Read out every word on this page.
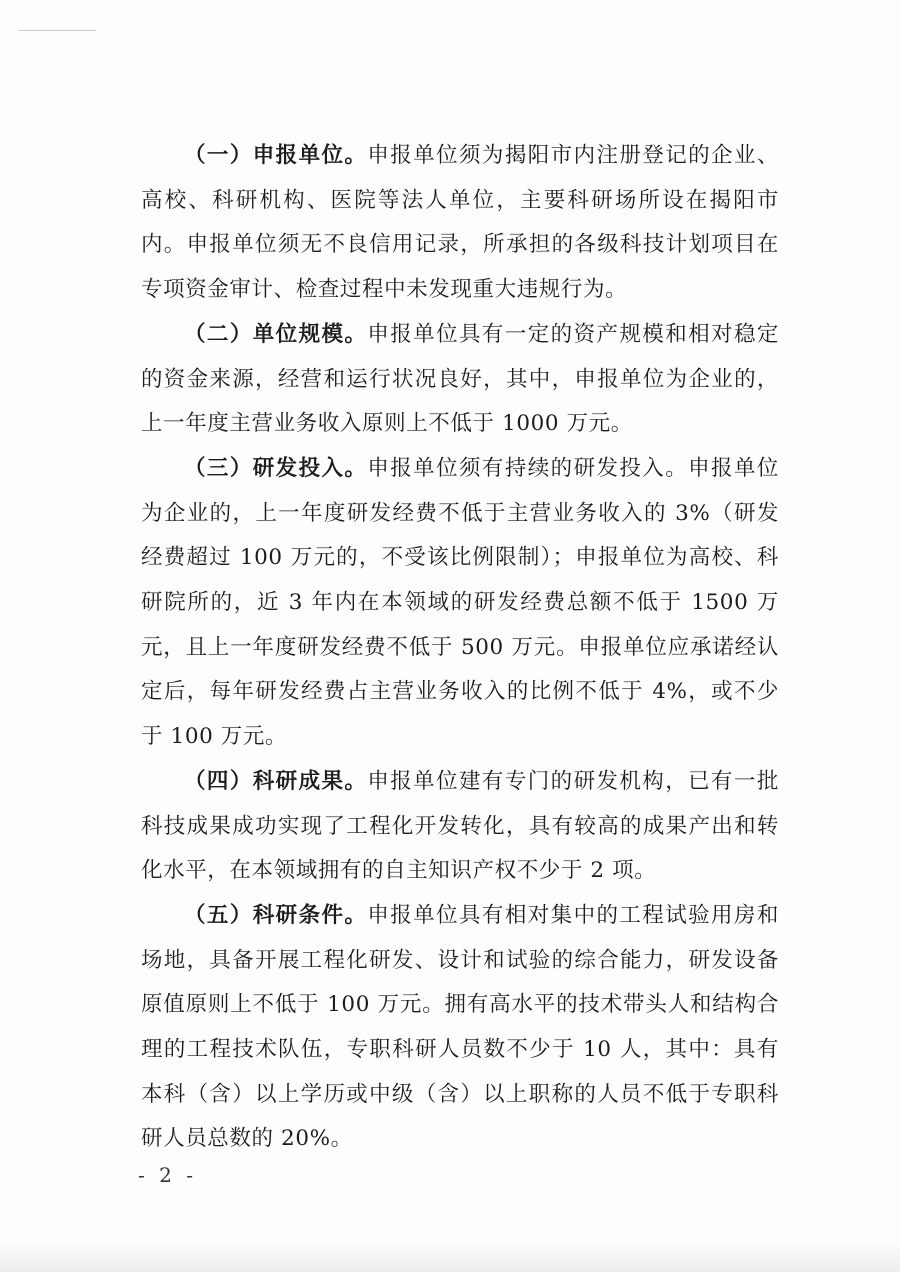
（一）申报单位。申报单位须为揭阳市内注册登记的企业、高校、科研机构、医院等法人单位，主要科研场所设在揭阳市内。申报单位须无不良信用记录，所承担的各级科技计划项目在专项资金审计、检查过程中未发现重大违规行为。

（二）单位规模。申报单位具有一定的资产规模和相对稳定的资金来源，经营和运行状况良好，其中，申报单位为企业的，上一年度主营业务收入原则上不低于 1000 万元。

（三）研发投入。申报单位须有持续的研发投入。申报单位为企业的，上一年度研发经费不低于主营业务收入的 3%（研发经费超过 100 万元的，不受该比例限制）；申报单位为高校、科研院所的，近 3 年内在本领域的研发经费总额不低于 1500 万元，且上一年度研发经费不低于 500 万元。申报单位应承诺经认定后，每年研发经费占主营业务收入的比例不低于 4%，或不少于 100 万元。

（四）科研成果。申报单位建有专门的研发机构，已有一批科技成果成功实现了工程化开发转化，具有较高的成果产出和转化水平，在本领域拥有的自主知识产权不少于 2 项。

（五）科研条件。申报单位具有相对集中的工程试验用房和场地，具备开展工程化研发、设计和试验的综合能力，研发设备原值原则上不低于 100 万元。拥有高水平的技术带头人和结构合理的工程技术队伍，专职科研人员数不少于 10 人，其中：具有本科（含）以上学历或中级（含）以上职称的人员不低于专职科研人员总数的 20%。

- 2 -
